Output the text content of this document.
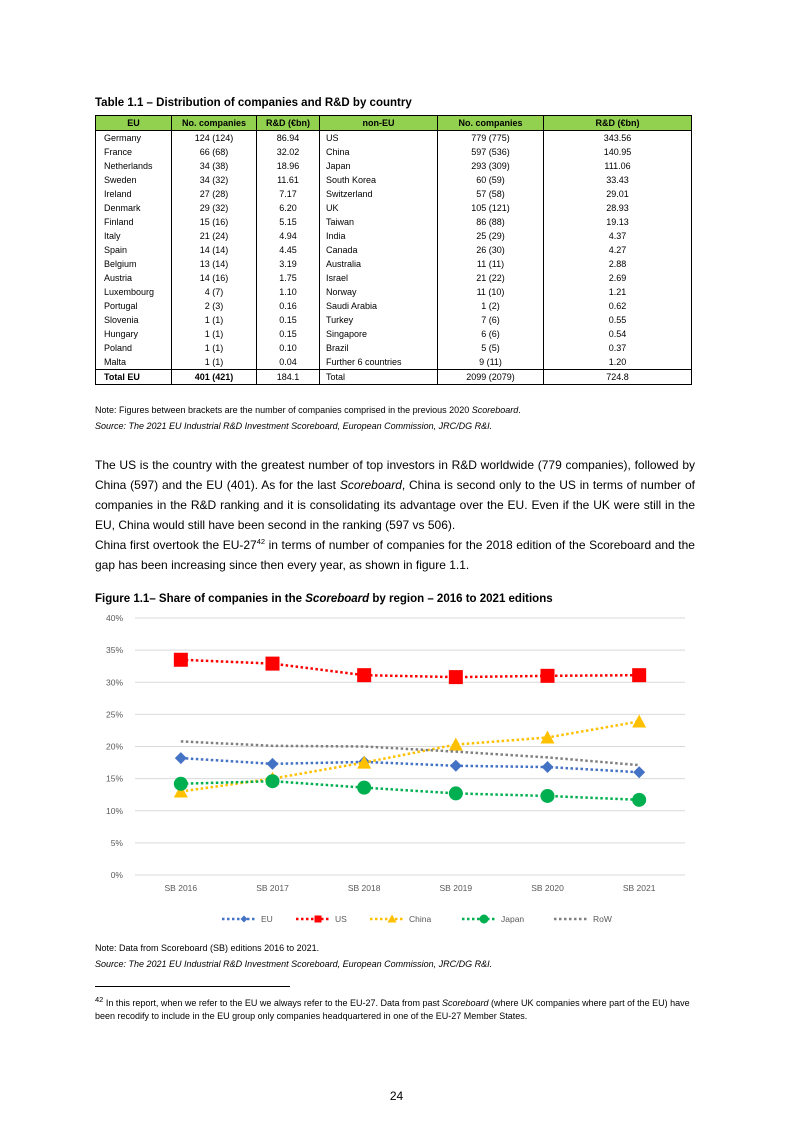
Table 1.1 – Distribution of companies and R&D by country
EU	No. companies	R&D (€bn)	non-EU	No. companies	R&D (€bn)
Germany	124 (124)	86.94	US	779 (775)	343.56
France	66 (68)	32.02	China	597 (536)	140.95
Netherlands	34 (38)	18.96	Japan	293 (309)	111.06
Sweden	34 (32)	11.61	South Korea	60 (59)	33.43
Ireland	27 (28)	7.17	Switzerland	57 (58)	29.01
Denmark	29 (32)	6.20	UK	105 (121)	28.93
Finland	15 (16)	5.15	Taiwan	86 (88)	19.13
Italy	21 (24)	4.94	India	25 (29)	4.37
Spain	14 (14)	4.45	Canada	26 (30)	4.27
Belgium	13 (14)	3.19	Australia	11 (11)	2.88
Austria	14 (16)	1.75	Israel	21 (22)	2.69
Luxembourg	4 (7)	1.10	Norway	11 (10)	1.21
Portugal	2 (3)	0.16	Saudi Arabia	1 (2)	0.62
Slovenia	1 (1)	0.15	Turkey	7 (6)	0.55
Hungary	1 (1)	0.15	Singapore	6 (6)	0.54
Poland	1 (1)	0.10	Brazil	5 (5)	0.37
Malta	1 (1)	0.04	Further 6 countries	9 (11)	1.20
Total EU	401 (421)	184.1	Total	2099 (2079)	724.8
Note: Figures between brackets are the number of companies comprised in the previous 2020 Scoreboard.
Source: The 2021 EU Industrial R&D Investment Scoreboard, European Commission, JRC/DG R&I.

The US is the country with the greatest number of top investors in R&D worldwide (779 companies), followed by China (597) and the EU (401). As for the last Scoreboard, China is second only to the US in terms of number of companies in the R&D ranking and it is consolidating its advantage over the EU. Even if the UK were still in the EU, China would still have been second in the ranking (597 vs 506).

China first overtook the $EU-27^{42}$ in terms of number of companies for the 2018 edition of the Scoreboard and the gap has been increasing since then every year, as shown in figure 1.1.

Figure 1.1– Share of companies in the Scoreboard by region – 2016 to 2021 editions
0%
5%
10%
15%
20%
25%
30%
35%
40%
SB 2016	SB 2017	SB 2018	SB 2019	SB 2020	SB 2021
EU	US	China	Japan	RoW
Note: Data from Scoreboard (SB) editions 2016 to 2021.
Source: The 2021 EU Industrial R&D Investment Scoreboard, European Commission, JRC/DG R&I.
$^{42}$ In this report, when we refer to the EU we always refer to the EU-27. Data from past Scoreboard (where UK companies where part of the EU) have been recodify to include in the EU group only companies headquartered in one of the EU-27 Member States.
24
